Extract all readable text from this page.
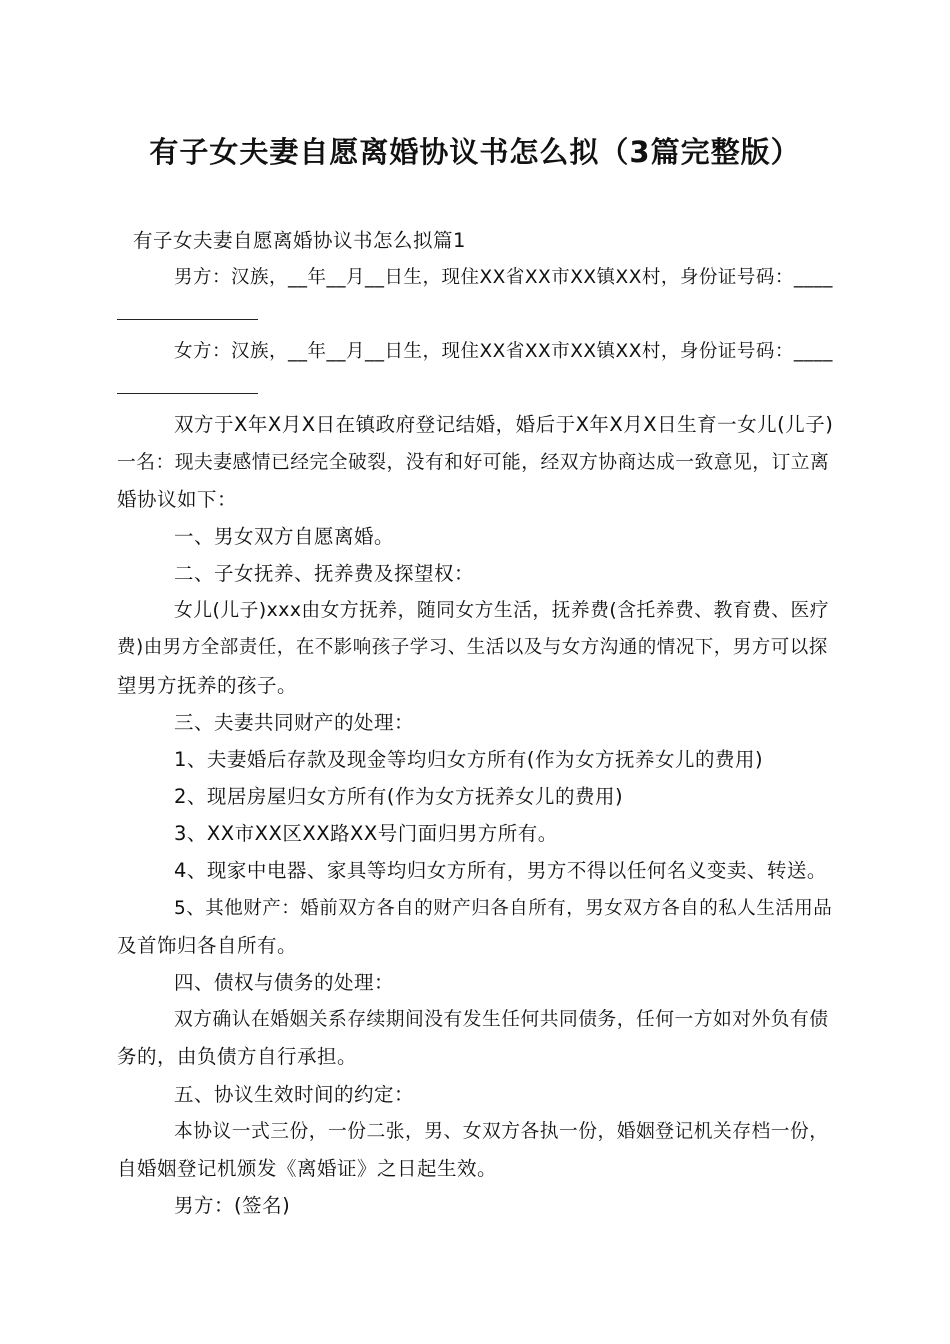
有子女夫妻自愿离婚协议书怎么拟（3篇完整版）
有子女夫妻自愿离婚协议书怎么拟篇1
男方：汉族，__年__月__日生，现住XX省XX市XX镇XX村，身份证号码：____
女方：汉族，__年__月__日生，现住XX省XX市XX镇XX村，身份证号码：____
双方于X年X月X日在镇政府登记结婚，婚后于X年X月X日生育一女儿(儿子)
一名：现夫妻感情已经完全破裂，没有和好可能，经双方协商达成一致意见，订立离
婚协议如下：
一、男女双方自愿离婚。
二、子女抚养、抚养费及探望权：
女儿(儿子)xxx由女方抚养，随同女方生活，抚养费(含托养费、教育费、医疗
费)由男方全部责任，在不影响孩子学习、生活以及与女方沟通的情况下，男方可以探
望男方抚养的孩子。
三、夫妻共同财产的处理：
1、夫妻婚后存款及现金等均归女方所有(作为女方抚养女儿的费用)
2、现居房屋归女方所有(作为女方抚养女儿的费用)
3、XX市XX区XX路XX号门面归男方所有。
4、现家中电器、家具等均归女方所有，男方不得以任何名义变卖、转送。
5、其他财产：婚前双方各自的财产归各自所有，男女双方各自的私人生活用品
及首饰归各自所有。
四、债权与债务的处理：
双方确认在婚姻关系存续期间没有发生任何共同债务，任何一方如对外负有债
务的，由负债方自行承担。
五、协议生效时间的约定：
本协议一式三份，一份二张，男、女双方各执一份，婚姻登记机关存档一份，
自婚姻登记机颁发《离婚证》之日起生效。
男方：(签名)
